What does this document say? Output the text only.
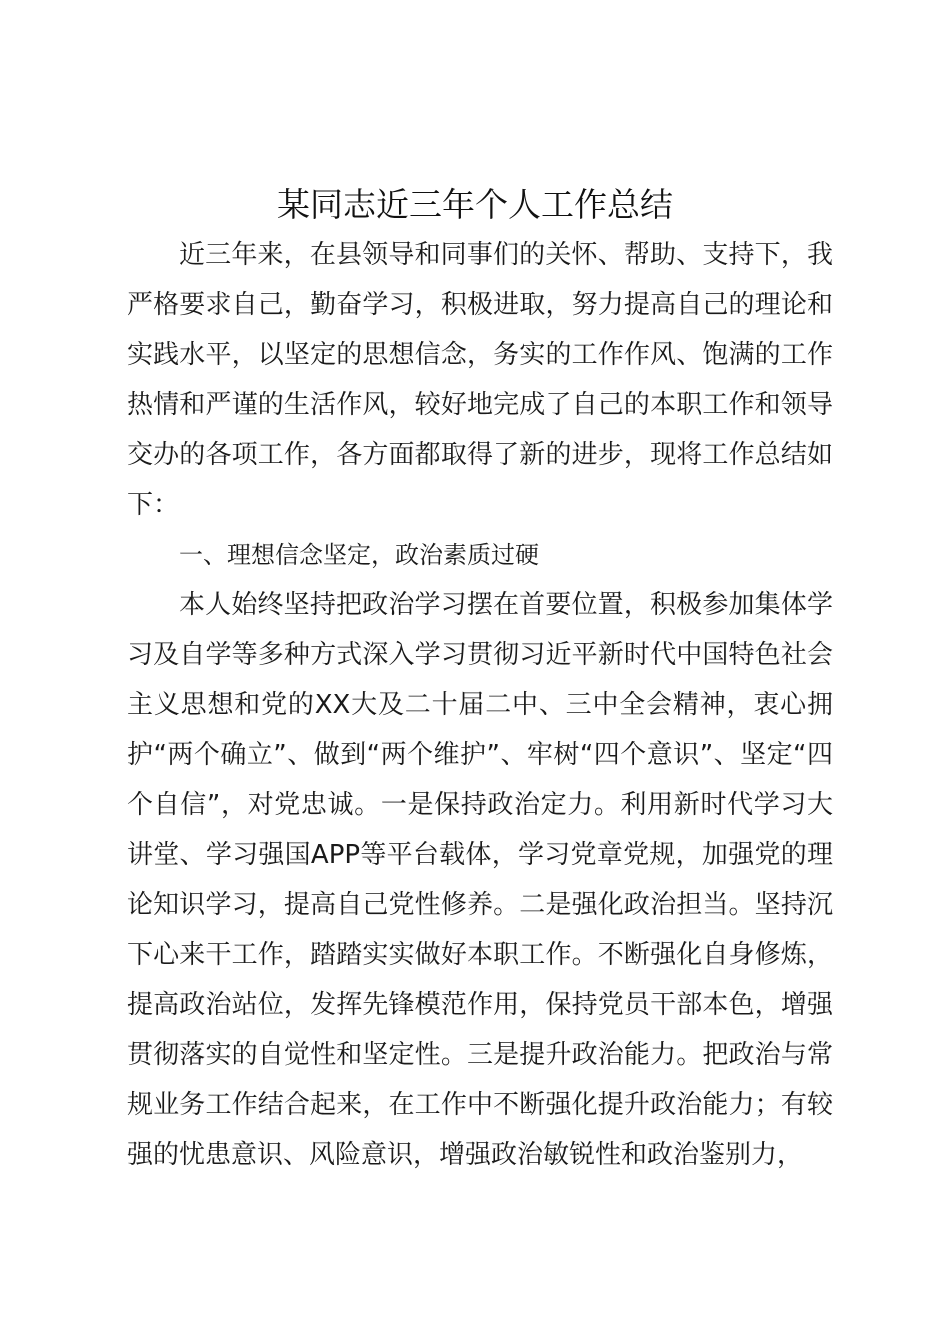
某同志近三年个人工作总结

近三年来，在县领导和同事们的关怀、帮助、支持下，我严格要求自己，勤奋学习，积极进取，努力提高自己的理论和实践水平，以坚定的思想信念，务实的工作作风、饱满的工作热情和严谨的生活作风，较好地完成了自己的本职工作和领导交办的各项工作，各方面都取得了新的进步，现将工作总结如下：

一、理想信念坚定，政治素质过硬

本人始终坚持把政治学习摆在首要位置，积极参加集体学习及自学等多种方式深入学习贯彻习近平新时代中国特色社会主义思想和党的XX大及二十届二中、三中全会精神，衷心拥护“两个确立”、做到“两个维护”、牢树“四个意识”、坚定“四个自信”，对党忠诚。一是保持政治定力。利用新时代学习大讲堂、学习强国APP等平台载体，学习党章党规，加强党的理论知识学习，提高自己党性修养。二是强化政治担当。坚持沉下心来干工作，踏踏实实做好本职工作。不断强化自身修炼，提高政治站位，发挥先锋模范作用，保持党员干部本色，增强贯彻落实的自觉性和坚定性。三是提升政治能力。把政治与常规业务工作结合起来，在工作中不断强化提升政治能力；有较强的忧患意识、风险意识，增强政治敏锐性和政治鉴别力，
